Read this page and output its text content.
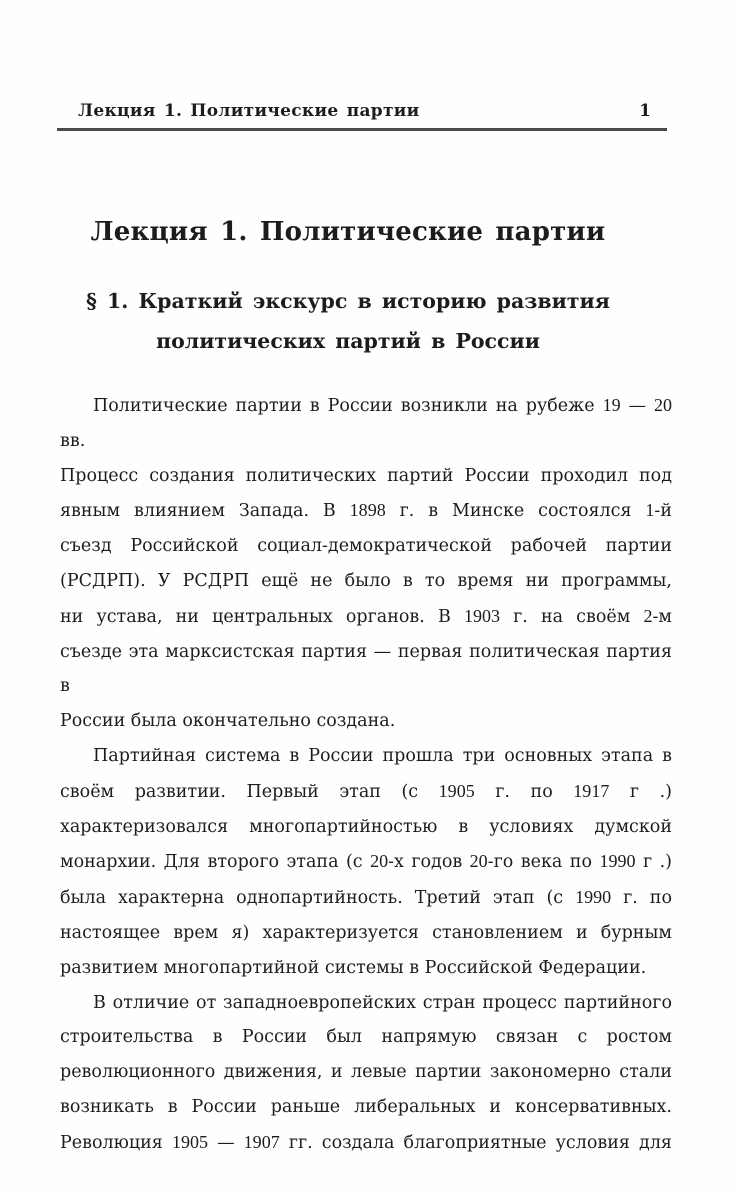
Лекция 1. Политические партии	1
Лекция 1. Политические партии
§ 1. Краткий экскурс в историю развития
политических партий в России
Политические партии в России возникли на рубеже 19 — 20 вв.
Процесс создания политических партий России проходил под
явным влиянием Запада. В 1898 г. в Минске состоялся 1-й
съезд Российской социал-демократической рабочей партии
(РСДРП). У РСДРП ещё не было в то время ни программы,
ни устава, ни центральных органов. В 1903 г. на своём 2-м
съезде эта марксистская партия — первая политическая партия в
России была окончательно создана.
Партийная система в России прошла три основных этапа в
своём развитии. Первый этап (с 1905 г. по 1917 г .)
характеризовался многопартийностью в условиях думской
монархии. Для второго этапа (с 20-х годов 20-го века по 1990 г .)
была характерна однопартийность. Третий этап (с 1990 г. по
настоящее врем я) характеризуется становлением и бурным
развитием многопартийной системы в Российской Федерации.
В отличие от западноевропейских стран процесс партийного
строительства в России был напрямую связан с ростом
революционного движения, и левые партии закономерно стали
возникать в России раньше либеральных и консервативных.
Революция 1905 — 1907 гг. создала благоприятные условия для
